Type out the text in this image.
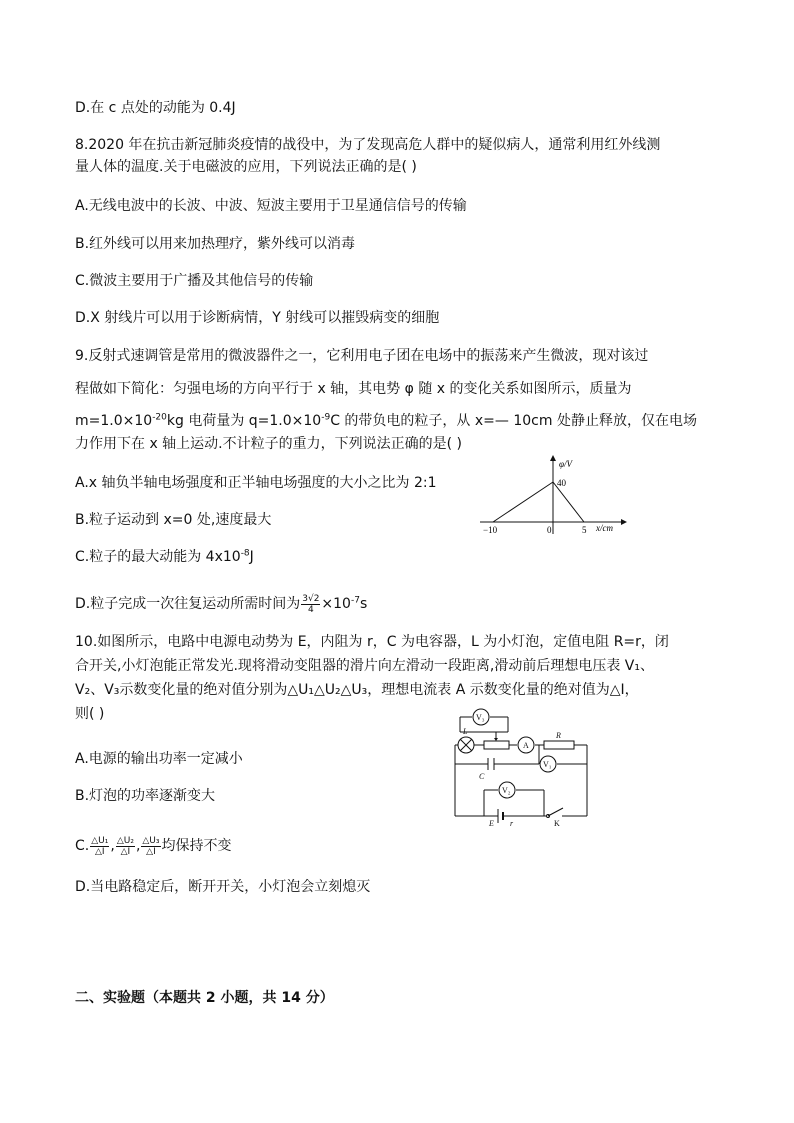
D.在 c 点处的动能为 0.4J
8.2020 年在抗击新冠肺炎疫情的战役中，为了发现高危人群中的疑似病人，通常利用红外线测
量人体的温度.关于电磁波的应用，下列说法正确的是( )
A.无线电波中的长波、中波、短波主要用于卫星通信信号的传输
B.红外线可以用来加热理疗，紫外线可以消毒
C.微波主要用于广播及其他信号的传输
D.X 射线片可以用于诊断病情，Y 射线可以摧毁病变的细胞
9.反射式速调管是常用的微波器件之一，它利用电子团在电场中的振荡来产生微波，现对该过
程做如下简化：匀强电场的方向平行于 x 轴，其电势 φ 随 x 的变化关系如图所示，质量为
$m=1.0\times 10^{-20}kg$ 电荷量为 $q=1.0\times 10^{-9}C$ 的带负电的粒子，从 x=— 10cm 处静止释放，仅在电场
力作用下在 x 轴上运动.不计粒子的重力，下列说法正确的是( )
A.x 轴负半轴电场强度和正半轴电场强度的大小之比为 2:1
B.粒子运动到 x=0 处,速度最大
C.粒子的最大动能为 $4x10^{-8}J$
D.粒子完成一次往复运动所需时间为 $\frac{3√2}{4} \times 10^{-7}s$
φ/V
40
−10	0	5 x/cm
10.如图所示，电路中电源电动势为 E，内阻为 r，C 为电容器，L 为小灯泡，定值电阻 R=r，闭
合开关,小灯泡能正常发光.现将滑动变阻器的滑片向左滑动一段距离,滑动前后理想电压表 V₁、
V₂、V₃示数变化量的绝对值分别为△U₁△U₂△U₃，理想电流表 A 示数变化量的绝对值为△I，
则( )
A.电源的输出功率一定减小
B.灯泡的功率逐渐变大
C. $\frac{\text{△U₁}}{\triangle I}$ , $\frac{\text{△U₂}}{\triangle I}$ , $\frac{\text{△U₃}}{\triangle I}$ 均保持不变
D.当电路稳定后，断开开关，小灯泡会立刻熄灭
V₃
L
A
R
V₁
C
V₂
E r	K
二、实验题（本题共 2 小题，共 14 分）
